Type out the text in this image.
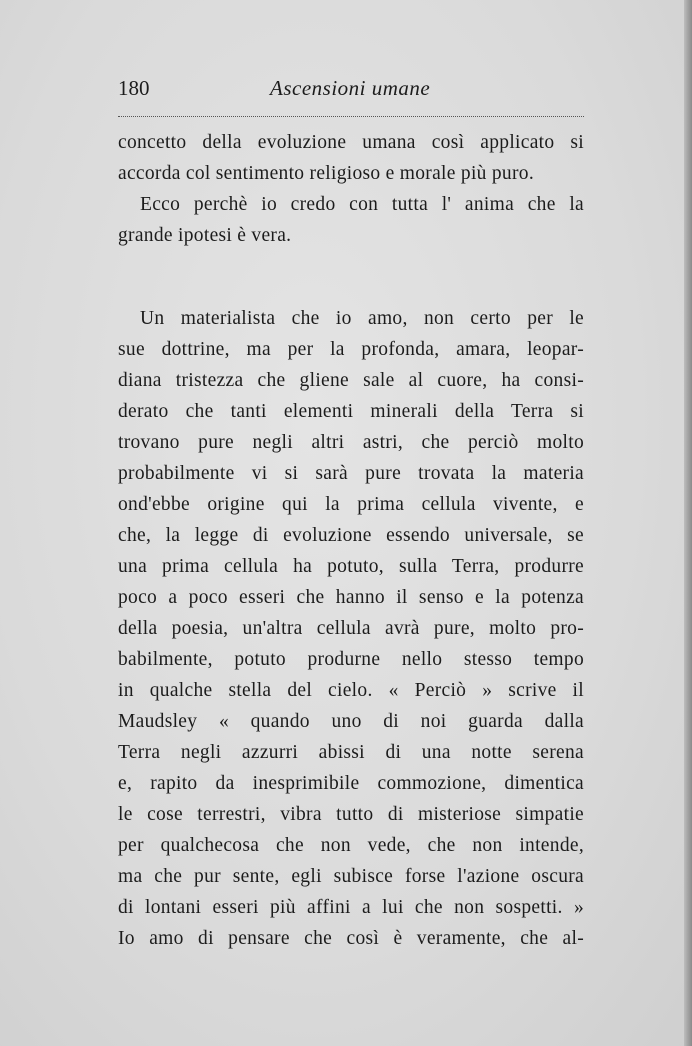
180	Ascensioni umane
concetto della evoluzione umana così applicato si
accorda col sentimento religioso e morale più puro.
Ecco perchè io credo con tutta l' anima che la
grande ipotesi è vera.
Un materialista che io amo, non certo per le
sue dottrine, ma per la profonda, amara, leopar-
diana tristezza che gliene sale al cuore, ha consi-
derato che tanti elementi minerali della Terra si
trovano pure negli altri astri, che perciò molto
probabilmente vi si sarà pure trovata la materia
ond'ebbe origine qui la prima cellula vivente, e
che, la legge di evoluzione essendo universale, se
una prima cellula ha potuto, sulla Terra, produrre
poco a poco esseri che hanno il senso e la potenza
della poesia, un'altra cellula avrà pure, molto pro-
babilmente, potuto produrne nello stesso tempo
in qualche stella del cielo. « Perciò » scrive il
Maudsley « quando uno di noi guarda dalla
Terra negli azzurri abissi di una notte serena
e, rapito da inesprimibile commozione, dimentica
le cose terrestri, vibra tutto di misteriose simpatie
per qualchecosa che non vede, che non intende,
ma che pur sente, egli subisce forse l'azione oscura
di lontani esseri più affini a lui che non sospetti. »
Io amo di pensare che così è veramente, che al-
